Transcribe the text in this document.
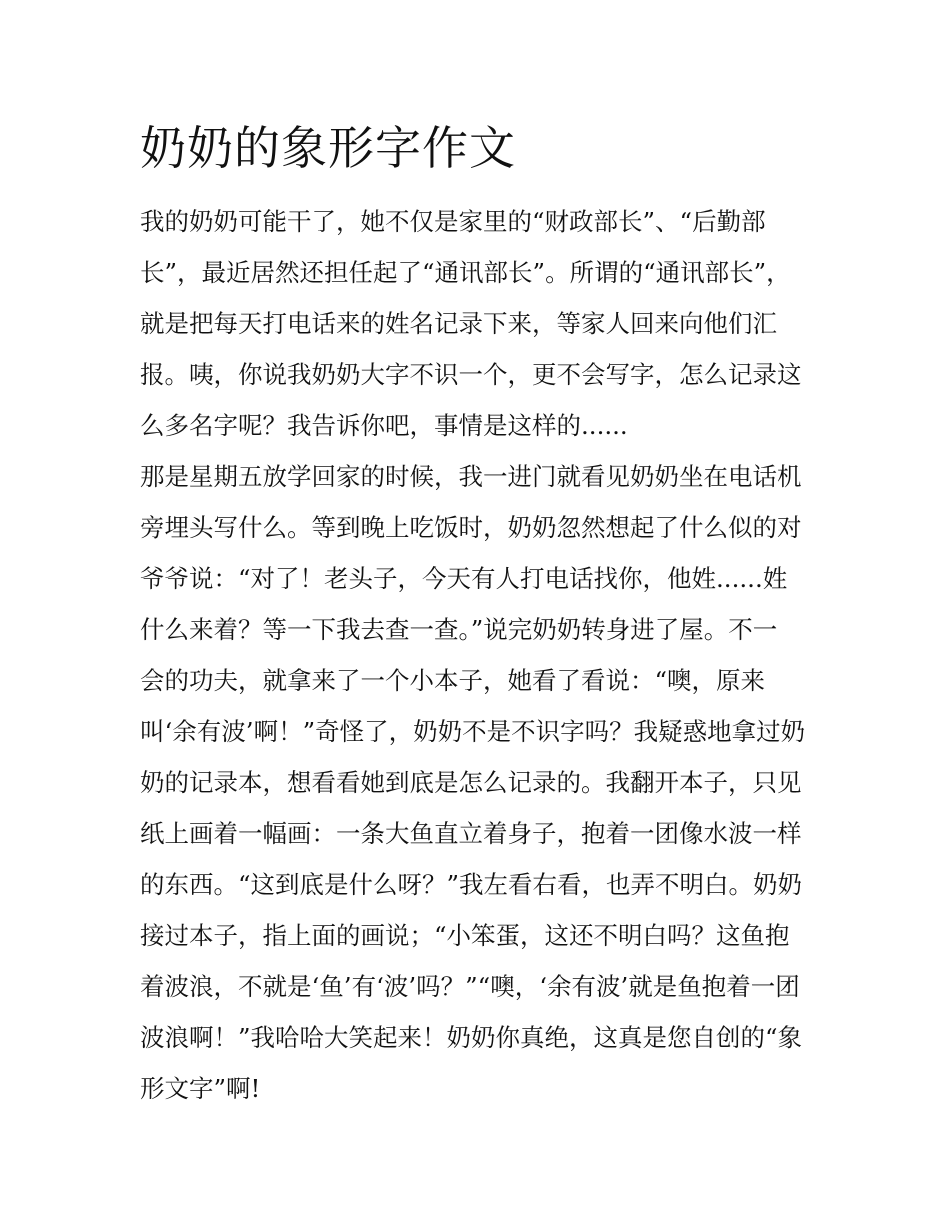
奶奶的象形字作文
我的奶奶可能干了，她不仅是家里的“财政部长”、“后勤部
长”，最近居然还担任起了“通讯部长”。所谓的“通讯部长”，
就是把每天打电话来的姓名记录下来，等家人回来向他们汇
报。咦，你说我奶奶大字不识一个，更不会写字，怎么记录这
么多名字呢？我告诉你吧，事情是这样的......
那是星期五放学回家的时候，我一进门就看见奶奶坐在电话机
旁埋头写什么。等到晚上吃饭时，奶奶忽然想起了什么似的对
爷爷说：“对了！老头子，今天有人打电话找你，他姓......姓
什么来着？等一下我去查一查。”说完奶奶转身进了屋。不一
会的功夫，就拿来了一个小本子，她看了看说：“噢，原来
叫‘余有波’啊！”奇怪了，奶奶不是不识字吗？我疑惑地拿过奶
奶的记录本，想看看她到底是怎么记录的。我翻开本子，只见
纸上画着一幅画：一条大鱼直立着身子，抱着一团像水波一样
的东西。“这到底是什么呀？”我左看右看，也弄不明白。奶奶
接过本子，指上面的画说；“小笨蛋，这还不明白吗？这鱼抱
着波浪，不就是‘鱼’有‘波’吗？”“噢，‘余有波’就是鱼抱着一团
波浪啊！”我哈哈大笑起来！奶奶你真绝，这真是您自创的“象
形文字”啊!
